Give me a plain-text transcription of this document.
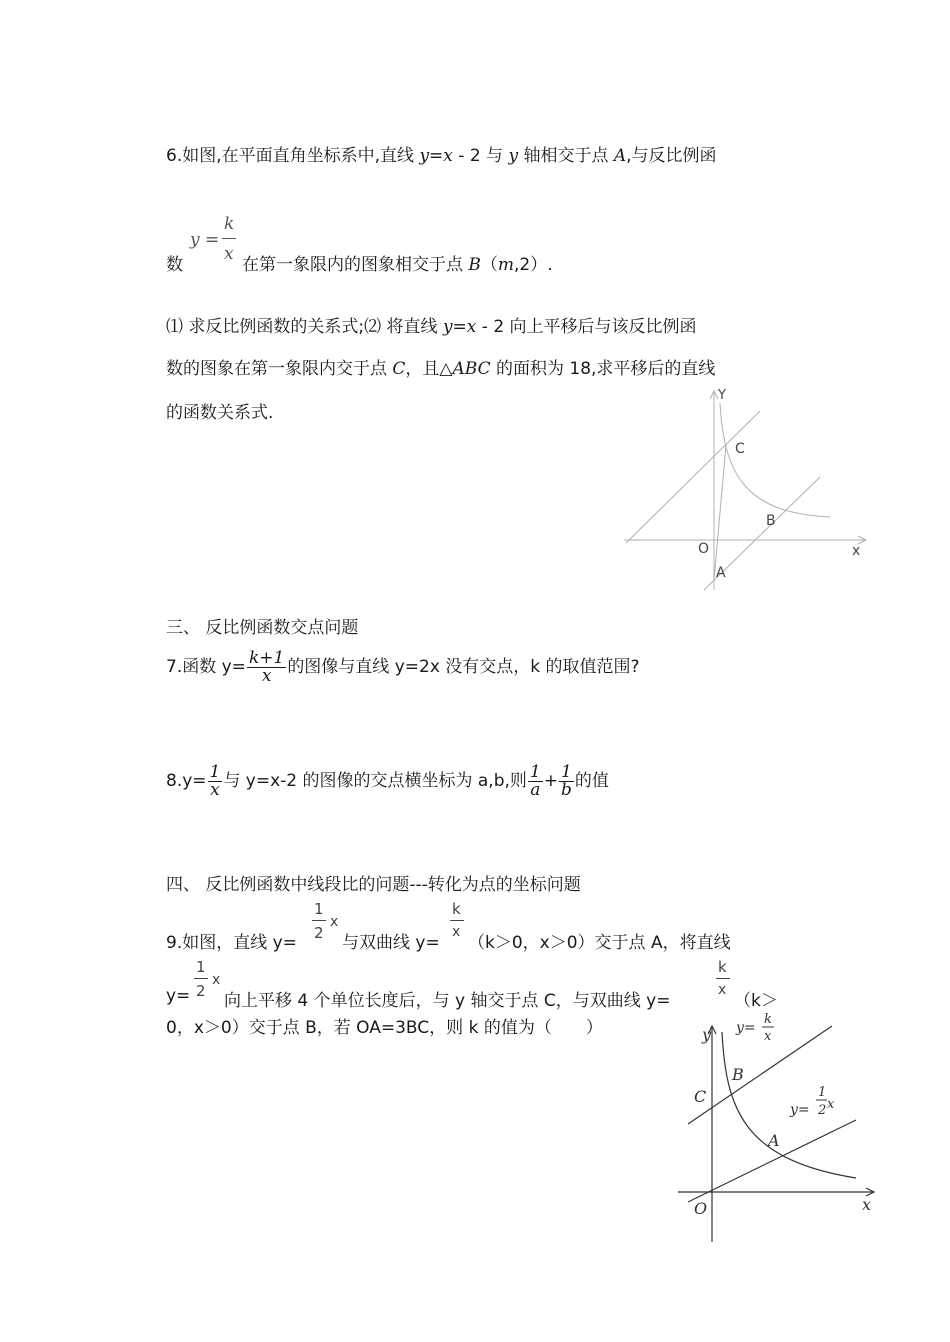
6.如图,在平面直角坐标系中,直线 y=x - 2 与 y 轴相交于点 A,与反比例函
数
y =
k
x
在第一象限内的图象相交于点 B（m,2）.
⑴ 求反比例函数的关系式;⑵ 将直线 y=x - 2 向上平移后与该反比例函
数的图象在第一象限内交于点 C，且△ABC 的面积为 18,求平移后的直线
的函数关系式.
Y
x
O
A
B
C
三、 反比例函数交点问题
7.函数 $y= \frac{k+1}{x}$ 的图像与直线 y=2x 没有交点，k 的取值范围?
$8.y= \frac{1}{x}$ 与 y=x-2 的图像的交点横坐标为 a,b,则 $\frac{1}{a} + \frac{1}{b}$ 的值
四、 反比例函数中线段比的问题---转化为点的坐标问题
9.如图，直线 y=
1
2
x
与双曲线 y=
k
x
（k＞0，x＞0）交于点 A，将直线
y=
1
2
x
向上平移 4 个单位长度后，与 y 轴交于点 C，与双曲线 y=
k
x
（k＞
0，x＞0）交于点 B，若 OA=3BC，则 k 的值为（　　）	y
x
O
A
B
C
y=
k
x
y=
1
2 x
